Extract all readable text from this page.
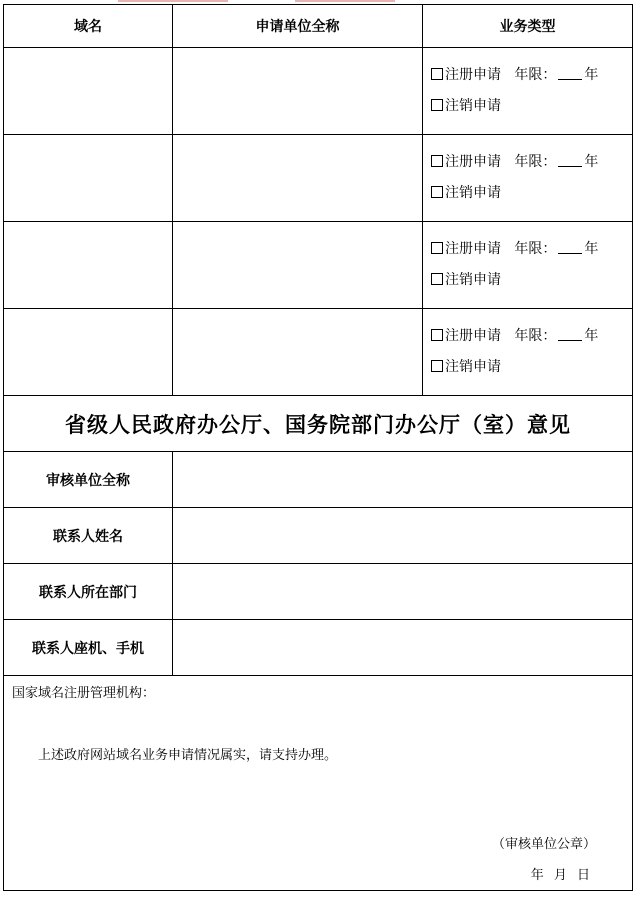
域名	申请单位全称	业务类型

		注册申请 年限： 年
注销申请

		注册申请 年限： 年
注销申请

		注册申请 年限： 年
注销申请

		注册申请 年限： 年
注销申请

省级人民政府办公厅、国务院部门办公厅（室）意见		
审核单位全称		
联系人姓名		
联系人所在部门		
联系人座机、手机		

国家域名注册管理机构：
上述政府网站域名业务申请情况属实，请支持办理。
（审核单位公章）
年 月 日		
